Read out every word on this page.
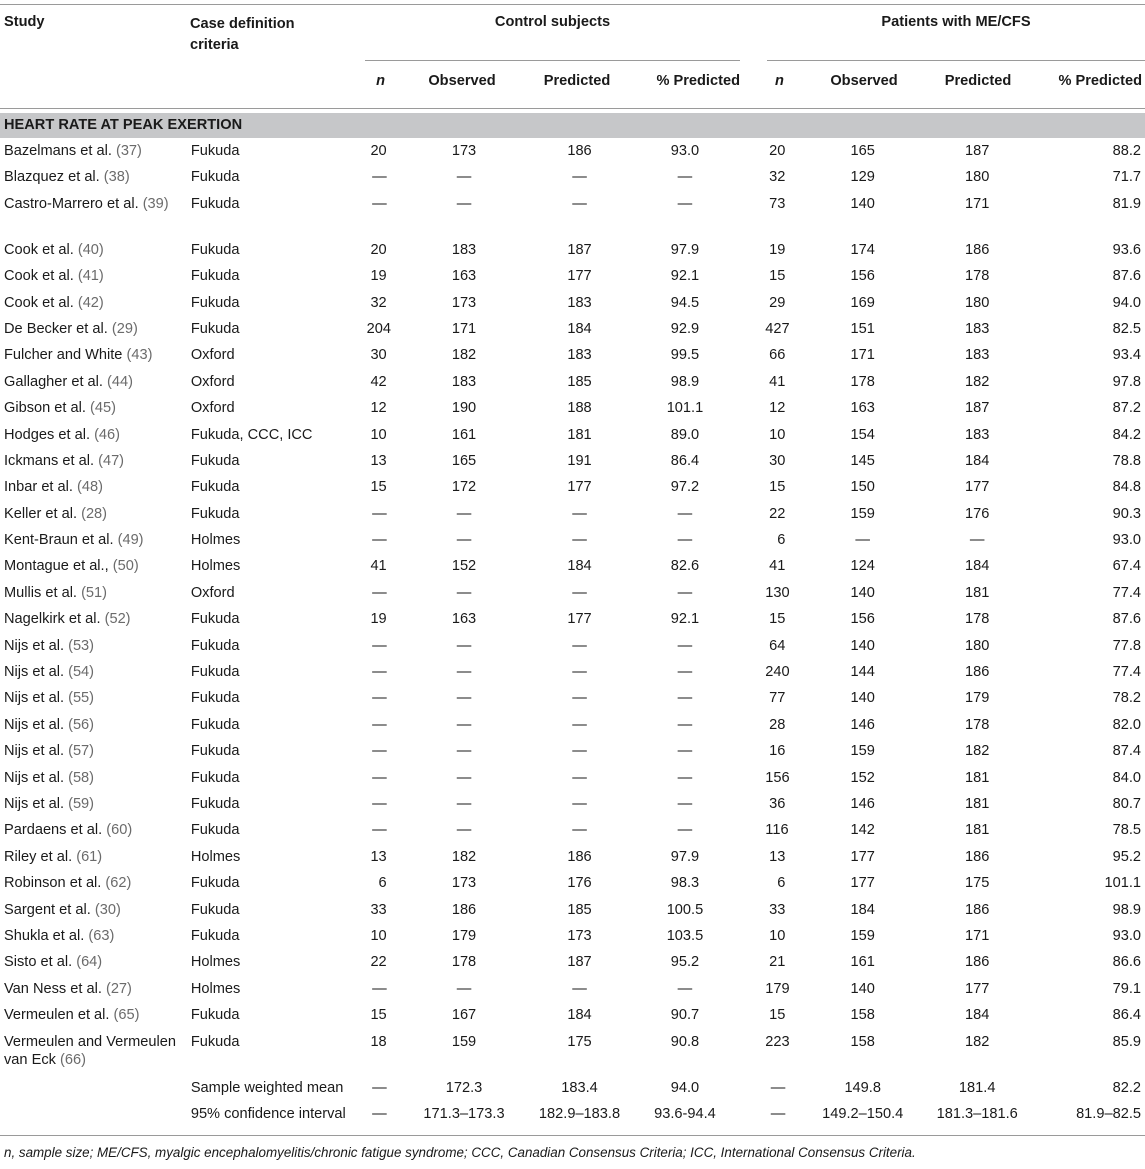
Study	Case definition criteria
Control subjects	Patients with ME/CFS
n	Observed	Predicted	% Predicted	n	Observed	Predicted	% Predicted
HEART RATE AT PEAK EXERTION
Bazelmans et al. (37)	Fukuda	20		173		186	93.0		20		165		187	88.2
Blazquez et al. (38)	Fukuda	—		—		—	—		32		129		180	71.7
Castro-Marrero et al. (39)	Fukuda	—		—		—	—		73		140		171	81.9
Cook et al. (40)	Fukuda	20		183		187	97.9		19		174		186	93.6
Cook et al. (41)	Fukuda	19		163		177	92.1		15		156		178	87.6
Cook et al. (42)	Fukuda	32		173		183	94.5		29		169		180	94.0
De Becker et al. (29)	Fukuda	204		171		184	92.9		427		151		183	82.5
Fulcher and White (43)	Oxford	30		182		183	99.5		66		171		183	93.4
Gallagher et al. (44)	Oxford	42		183		185	98.9		41		178		182	97.8
Gibson et al. (45)	Oxford	12		190		188	101.1		12		163		187	87.2
Hodges et al. (46)	Fukuda, CCC, ICC	10		161		181	89.0		10		154		183	84.2
Ickmans et al. (47)	Fukuda	13		165		191	86.4		30		145		184	78.8
Inbar et al. (48)	Fukuda	15		172		177	97.2		15		150		177	84.8
Keller et al. (28)	Fukuda	—		—		—	—		22		159		176	90.3
Kent-Braun et al. (49)	Holmes	—		—		—	—		6		—		—	93.0
Montague et al., (50)	Holmes	41		152		184	82.6		41		124		184	67.4
Mullis et al. (51)	Oxford	—		—		—	—		130		140		181	77.4
Nagelkirk et al. (52)	Fukuda	19		163		177	92.1		15		156		178	87.6
Nijs et al. (53)	Fukuda	—		—		—	—		64		140		180	77.8
Nijs et al. (54)	Fukuda	—		—		—	—		240		144		186	77.4
Nijs et al. (55)	Fukuda	—		—		—	—		77		140		179	78.2
Nijs et al. (56)	Fukuda	—		—		—	—		28		146		178	82.0
Nijs et al. (57)	Fukuda	—		—		—	—		16		159		182	87.4
Nijs et al. (58)	Fukuda	—		—		—	—		156		152		181	84.0
Nijs et al. (59)	Fukuda	—		—		—	—		36		146		181	80.7
Pardaens et al. (60)	Fukuda	—		—		—	—		116		142		181	78.5
Riley et al. (61)	Holmes	13		182		186	97.9		13		177		186	95.2
Robinson et al. (62)	Fukuda	6		173		176	98.3		6		177		175	101.1
Sargent et al. (30)	Fukuda	33		186		185	100.5		33		184		186	98.9
Shukla et al. (63)	Fukuda	10		179		173	103.5		10		159		171	93.0
Sisto et al. (64)	Holmes	22		178		187	95.2		21		161		186	86.6
Van Ness et al. (27)	Holmes	—		—		—	—		179		140		177	79.1
Vermeulen et al. (65)	Fukuda	15		167		184	90.7		15		158		184	86.4
Vermeulen and Vermeulen van Eck (66)	Fukuda	18		159		175	90.8		223		158		182	85.9
	Sample weighted mean	—		172.3		183.4	94.0		—		149.8		181.4	82.2
	95% confidence interval	—		171.3–173.3		182.9–183.8	93.6-94.4		—		149.2–150.4		181.3–181.6	81.9–82.5
n, sample size; ME/CFS, myalgic encephalomyelitis/chronic fatigue syndrome; CCC, Canadian Consensus Criteria; ICC, International Consensus Criteria.
